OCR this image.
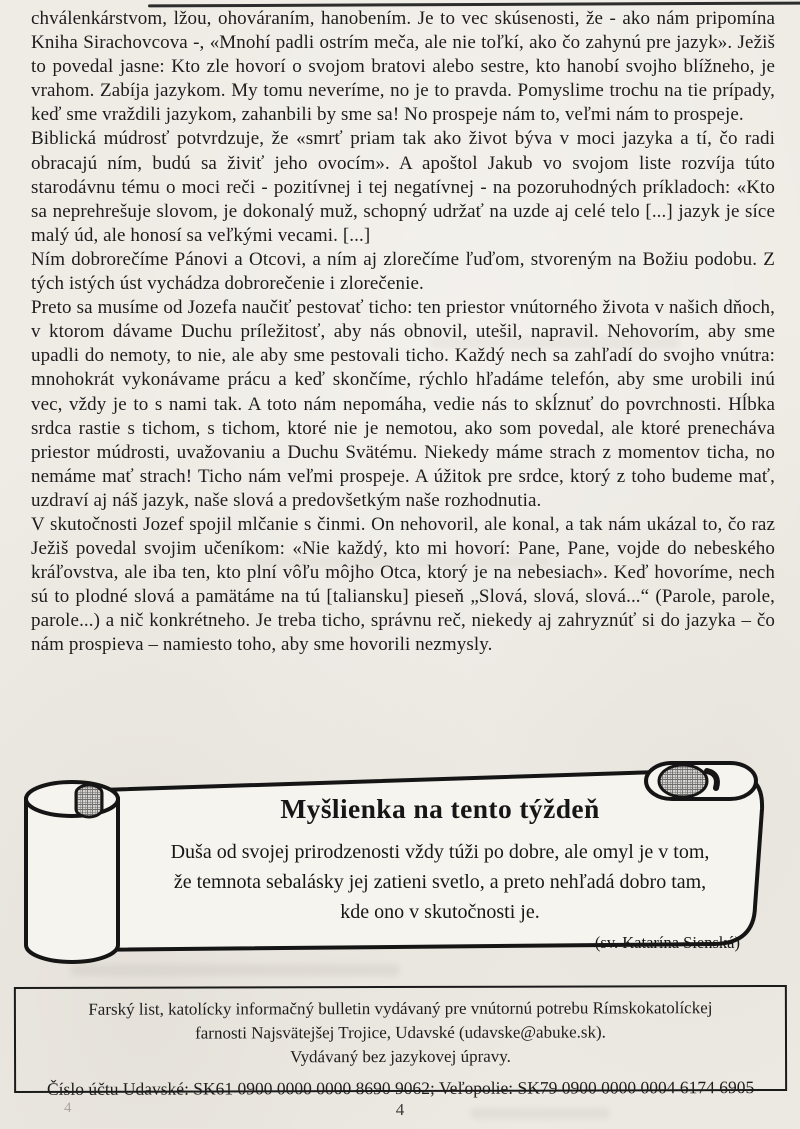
chválenkárstvom, lžou, ohováraním, hanobením. Je to vec skúsenosti, že - ako nám pripomína Kniha Sirachovcova -, «Mnohí padli ostrím meča, ale nie toľkí, ako čo zahynú pre jazyk». Ježiš to povedal jasne: Kto zle hovorí o svojom bratovi alebo sestre, kto hanobí svojho blížneho, je vrahom. Zabíja jazykom. My tomu neveríme, no je to pravda. Pomyslime trochu na tie prípady, keď sme vraždili jazykom, zahanbili by sme sa! No prospeje nám to, veľmi nám to prospeje.

Biblická múdrosť potvrdzuje, že «smrť priam tak ako život býva v moci jazyka a tí, čo radi obracajú ním, budú sa živiť jeho ovocím». A apoštol Jakub vo svojom liste rozvíja túto starodávnu tému o moci reči - pozitívnej i tej negatívnej - na pozoruhodných príkladoch: «Kto sa neprehrešuje slovom, je dokonalý muž, schopný udržať na uzde aj celé telo [...] jazyk je síce malý úd, ale honosí sa veľkými vecami. [...]

Ním dobrorečíme Pánovi a Otcovi, a ním aj zlorečíme ľuďom, stvoreným na Božiu podobu. Z tých istých úst vychádza dobrorečenie i zlorečenie.

Preto sa musíme od Jozefa naučiť pestovať ticho: ten priestor vnútorného života v našich dňoch, v ktorom dávame Duchu príležitosť, aby nás obnovil, utešil, napravil. Nehovorím, aby sme upadli do nemoty, to nie, ale aby sme pestovali ticho. Každý nech sa zahľadí do svojho vnútra: mnohokrát vykonávame prácu a keď skončíme, rýchlo hľadáme telefón, aby sme urobili inú vec, vždy je to s nami tak. A toto nám nepomáha, vedie nás to skĺznuť do povrchnosti. Hĺbka srdca rastie s tichom, s tichom, ktoré nie je nemotou, ako som povedal, ale ktoré prenecháva priestor múdrosti, uvažovaniu a Duchu Svätému. Niekedy máme strach z momentov ticha, no nemáme mať strach! Ticho nám veľmi prospeje. A úžitok pre srdce, ktorý z toho budeme mať, uzdraví aj náš jazyk, naše slová a predovšetkým naše rozhodnutia.

V skutočnosti Jozef spojil mlčanie s činmi. On nehovoril, ale konal, a tak nám ukázal to, čo raz Ježiš povedal svojim učeníkom: «Nie každý, kto mi hovorí: Pane, Pane, vojde do nebeského kráľovstva, ale iba ten, kto plní vôľu môjho Otca, ktorý je na nebesiach». Keď hovoríme, nech sú to plodné slová a pamätáme na tú [taliansku] pieseň „Slová, slová, slová...“ (Parole, parole, parole...) a nič konkrétneho. Je treba ticho, správnu reč, niekedy aj zahryznúť si do jazyka – čo nám prospieva – namiesto toho, aby sme hovorili nezmysly.

Myšlienka na tento týždeň
Duša od svojej prirodzenosti vždy túži po dobre, ale omyl je v tom,
že temnota sebalásky jej zatieni svetlo, a preto nehľadá dobro tam,
kde ono v skutočnosti je.
(sv. Katarína Sienská)
Farský list, katolícky informačný bulletin vydávaný pre vnútornú potrebu Rímskokatolíckej
farnosti Najsvätejšej Trojice, Udavské (udavske@abuke.sk).
Vydávaný bez jazykovej úpravy.
Číslo účtu Udavské: SK61 0900 0000 0000 8690 9062; Veľopolie: SK79 0900 0000 0004 6174 6905
4	4
